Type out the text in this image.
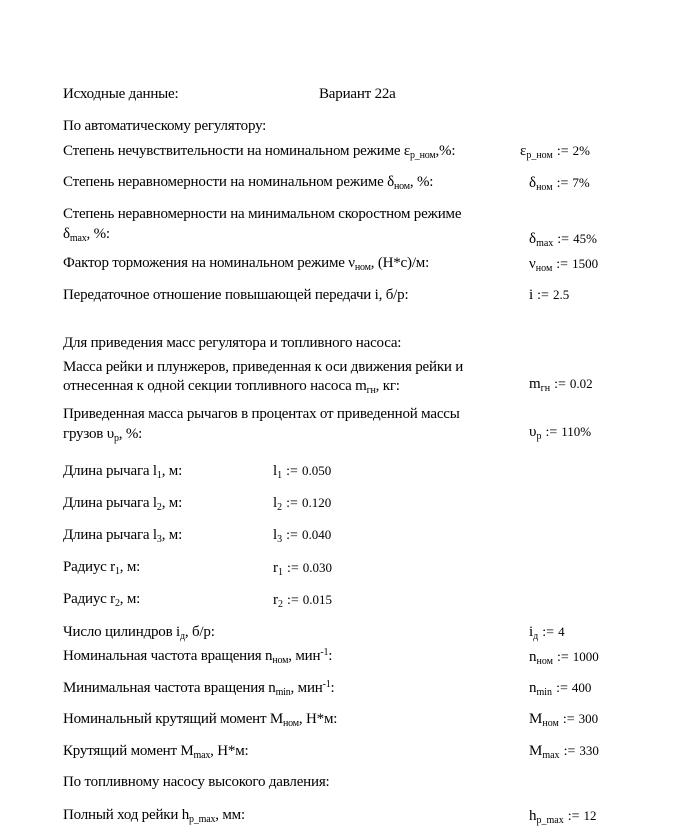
Исходные данные:	Вариант 22а
По автоматическому регулятору:
Степень нечувствительности на номинальном режиме $\varepsilon_{р\_ном},\%$:	$\varepsilon_{р\_ном}$ := 2%
Степень неравномерности на номинальном режиме $\delta_{ном}$, %:	$\delta_{ном}$ := 7%
Степень неравномерности на минимальном скоростном режиме
$\delta_{max}$, %:	$\delta_{max}$ := 45%
Фактор торможения на номинальном режиме $\nu_{ном}$, (Н*с)/м:	$\nu_{ном}$ := 1500
Передаточное отношение повышающей передачи i, б/р:	i := 2.5
Для приведения масс регулятора и топливного насоса:
Масса рейки и плунжеров, приведенная к оси движения рейки и
отнесенная к одной секции топливного насоса $m_{гн}$, кг:	$m_{гн}$ := 0.02
Приведенная масса рычагов в процентах от приведенной массы
грузов $\upsilon_р$, %:	$\upsilon_р$ := 110%
Длина рычага $l_1$, м:	$l_1$ := 0.050
Длина рычага $l_2$, м:	$l_2$ := 0.120
Длина рычага $l_3$, м:	$l_3$ := 0.040
Радиус $r_1$, м:	$r_1$ := 0.030
Радиус $r_2$, м:	$r_2$ := 0.015
Число цилиндров $i_д$, б/р:	$i_д$ := 4
Номинальная частота вращения $n_{ном}$, мин$^{-1}$:	$n_{ном}$ := 1000
Минимальная частота вращения $n_{min}$, мин$^{-1}$:	$n_{min}$ := 400
Номинальный крутящий момент $M_{ном}$, Н*м:	$M_{ном}$ := 300
Крутящий момент $M_{max}$, Н*м:	$M_{max}$ := 330
По топливному насосу высокого давления:
Полный ход рейки $h_{р\_max}$, мм:	$h_{р\_max}$ := 12
